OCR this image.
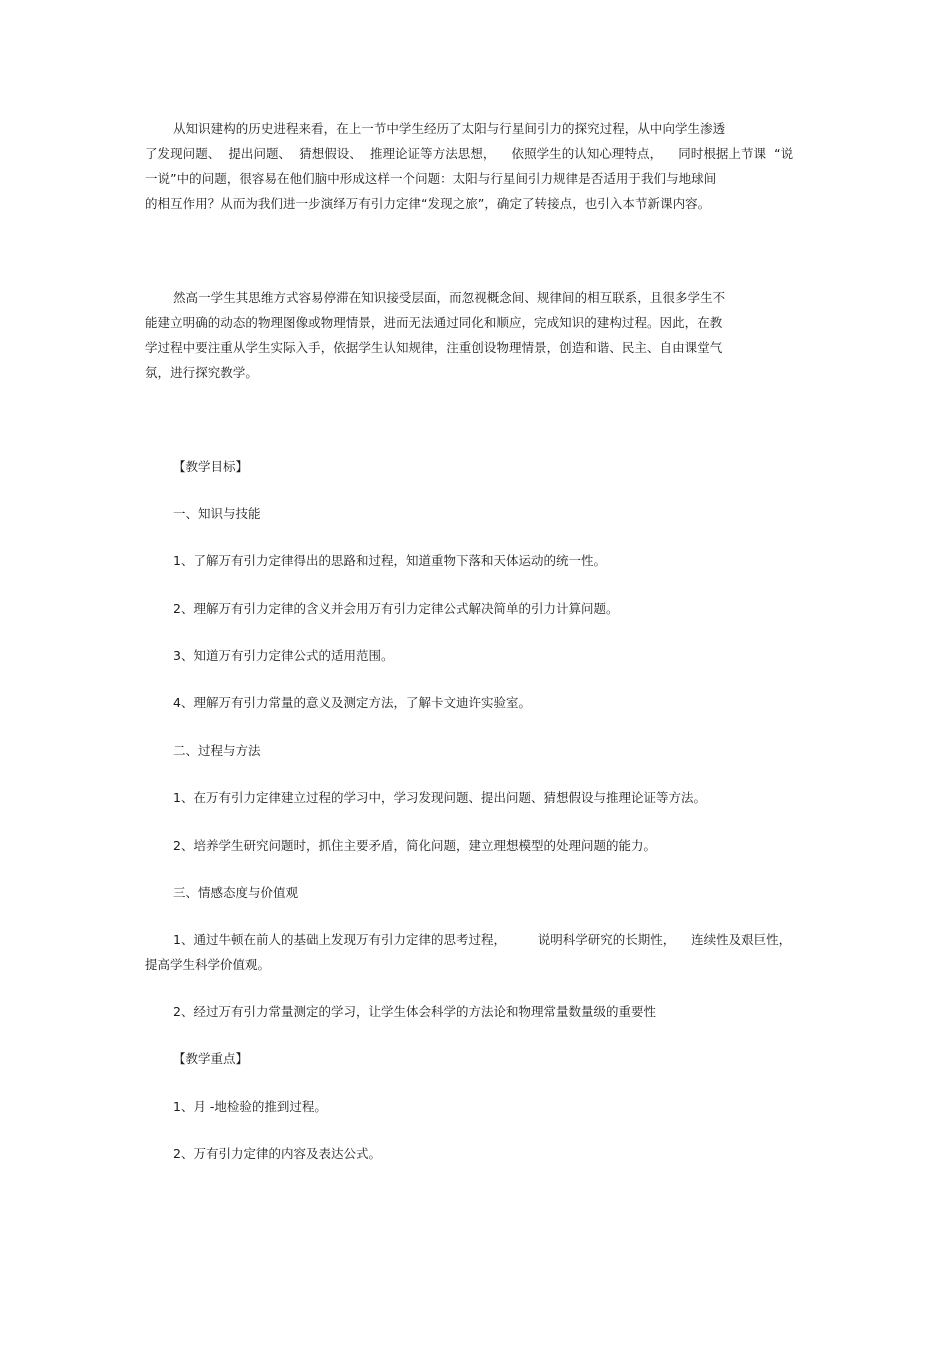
从知识建构的历史进程来看，在上一节中学生经历了太阳与行星间引力的探究过程，从中向学生渗透
了发现问题、  提出问题、  猜想假设、  推理论证等方法思想，    依照学生的认知心理特点，    同时根据上节课  “说
一说”中的问题，很容易在他们脑中形成这样一个问题：太阳与行星间引力规律是否适用于我们与地球间
的相互作用？从而为我们进一步演绎万有引力定律“发现之旅”，确定了转接点，也引入本节新课内容。
然高一学生其思维方式容易停滞在知识接受层面，而忽视概念间、规律间的相互联系，且很多学生不
能建立明确的动态的物理图像或物理情景，进而无法通过同化和顺应，完成知识的建构过程。因此，在教
学过程中要注重从学生实际入手，依据学生认知规律，注重创设物理情景，创造和谐、民主、自由课堂气
氛，进行探究教学。
【教学目标】
一、知识与技能
1、了解万有引力定律得出的思路和过程，知道重物下落和天体运动的统一性。
2、理解万有引力定律的含义并会用万有引力定律公式解决简单的引力计算问题。
3、知道万有引力定律公式的适用范围。
4、理解万有引力常量的意义及测定方法，了解卡文迪许实验室。
二、过程与方法
1、在万有引力定律建立过程的学习中，学习发现问题、提出问题、猜想假设与推理论证等方法。
2、培养学生研究问题时，抓住主要矛盾，简化问题，建立理想模型的处理问题的能力。
三、情感态度与价值观
1、通过牛顿在前人的基础上发现万有引力定律的思考过程，        说明科学研究的长期性，    连续性及艰巨性，
提高学生科学价值观。
2、经过万有引力常量测定的学习，让学生体会科学的方法论和物理常量数量级的重要性
【教学重点】
1、月 -地检验的推到过程。
2、万有引力定律的内容及表达公式。
